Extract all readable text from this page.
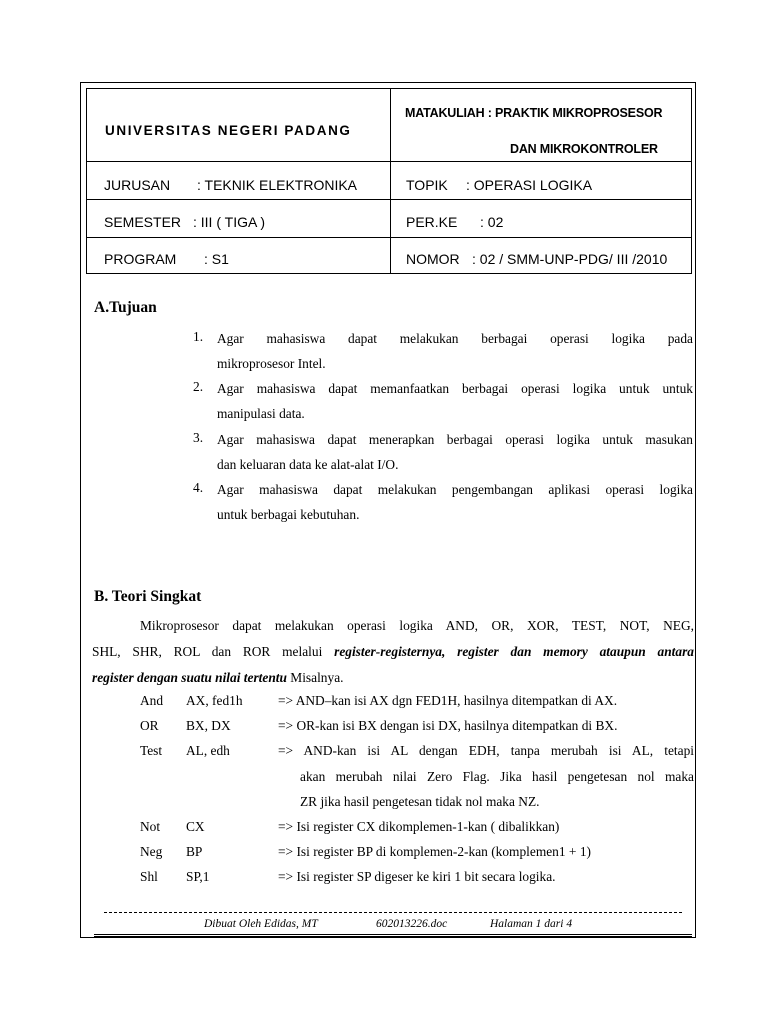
UNIVERSITAS NEGERI PADANG
MATAKULIAH : PRAKTIK MIKROPROSESOR
DAN MIKROKONTROLER
JURUSAN : TEKNIK ELEKTRONIKA	TOPIK : OPERASI LOGIKA
SEMESTER : III ( TIGA )	PER.KE : 02
PROGRAM : S1	NOMOR : 02 / SMM-UNP-PDG/ III /2010
A.Tujuan
1. Agar mahasiswa dapat melakukan berbagai operasi logika pada
mikroprosesor Intel.
2. Agar mahasiswa dapat memanfaatkan berbagai operasi logika untuk untuk
manipulasi data.
3. Agar mahasiswa dapat menerapkan berbagai operasi logika untuk masukan
dan keluaran data ke alat-alat I/O.
4. Agar mahasiswa dapat melakukan pengembangan aplikasi operasi logika
untuk berbagai kebutuhan.
B. Teori Singkat
Mikroprosesor dapat melakukan operasi logika AND, OR, XOR, TEST, NOT, NEG,
SHL, SHR, ROL dan ROR melalui register-registernya, register dan memory ataupun antara
register dengan suatu nilai tertentu Misalnya.
And AX, fed1h	=> AND–kan isi AX dgn FED1H, hasilnya ditempatkan di AX.
OR BX, DX	=> OR-kan isi BX dengan isi DX, hasilnya ditempatkan di BX.
Test AL, edh	=> AND-kan isi AL dengan EDH, tanpa merubah isi AL, tetapi
akan merubah nilai Zero Flag. Jika hasil pengetesan nol maka
ZR jika hasil pengetesan tidak nol maka NZ.
Not CX	=> Isi register CX dikomplemen-1-kan ( dibalikkan)
Neg BP	=> Isi register BP di komplemen-2-kan (komplemen1 + 1)
Shl SP,1	=> Isi register SP digeser ke kiri 1 bit secara logika.
Dibuat Oleh Edidas, MT	602013226.doc	Halaman 1 dari 4
